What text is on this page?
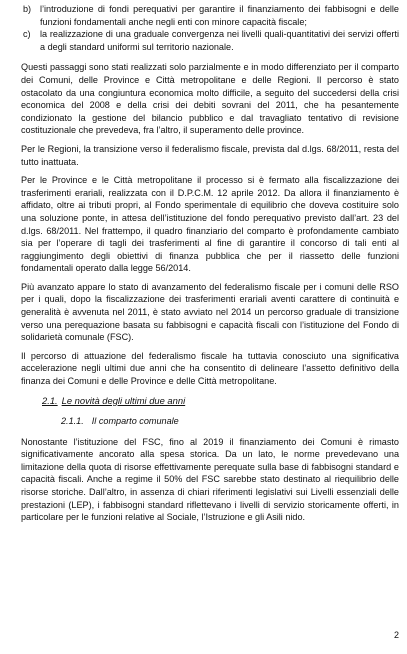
b) l’introduzione di fondi perequativi per garantire il finanziamento dei fabbisogni e delle funzioni fondamentali anche negli enti con minore capacità fiscale;
c)	la realizzazione di una graduale convergenza nei livelli quali-quantitativi dei servizi offerti a degli standard uniformi sul territorio nazionale.

Questi passaggi sono stati realizzati solo parzialmente e in modo differenziato per il comparto dei Comuni, delle Province e Città metropolitane e delle Regioni. Il percorso è stato ostacolato da una congiuntura economica molto difficile, a seguito del succedersi della crisi economica del 2008 e della crisi dei debiti sovrani del 2011, che ha pesantemente condizionato la gestione del bilancio pubblico e dal travagliato tentativo di revisione costituzionale che prevedeva, fra l’altro, il superamento delle province.

Per le Regioni, la transizione verso il federalismo fiscale, prevista dal d.lgs. 68/2011, resta del tutto inattuata.

Per le Province e le Città metropolitane il processo si è fermato alla fiscalizzazione dei trasferimenti erariali, realizzata con il D.P.C.M. 12 aprile 2012. Da allora il finanziamento è affidato, oltre ai tributi propri, al Fondo sperimentale di equilibrio che doveva costituire solo una soluzione ponte, in attesa dell’istituzione del fondo perequativo previsto dall’art. 23 del d.lgs. 68/2011. Nel frattempo, il quadro finanziario del comparto è profondamente cambiato sia per l’operare di tagli dei trasferimenti al fine di garantire il concorso di tali enti al raggiungimento degli obiettivi di finanza pubblica che per il riassetto delle funzioni fondamentali operato dalla legge 56/2014.

Più avanzato appare lo stato di avanzamento del federalismo fiscale per i comuni delle RSO per i quali, dopo la fiscalizzazione dei trasferimenti erariali aventi carattere di continuità e generalità è avvenuta nel 2011, è stato avviato nel 2014 un percorso graduale di transizione verso una perequazione basata su fabbisogni e capacità fiscali con l’istituzione del Fondo di solidarietà comunale (FSC).

Il percorso di attuazione del federalismo fiscale ha tuttavia conosciuto una significativa accelerazione negli ultimi due anni che ha consentito di delineare l’assetto definitivo della finanza dei Comuni e delle Province e delle Città metropolitane.

2.1. Le novità degli ultimi due anni
2.1.1. Il comparto comunale

Nonostante l’istituzione del FSC, fino al 2019 il finanziamento dei Comuni è rimasto significativamente ancorato alla spesa storica. Da un lato, le norme prevedevano una limitazione della quota di risorse effettivamente perequate sulla base di fabbisogni standard e capacità fiscali. Anche a regime il 50% del FSC sarebbe stato destinato al riequilibrio delle risorse storiche. Dall’altro, in assenza di chiari riferimenti legislativi sui Livelli essenziali delle prestazioni (LEP), i fabbisogni standard riflettevano i livelli di servizio storicamente offerti, in particolare per le funzioni relative al Sociale, l’Istruzione e gli Asili nido.

2
